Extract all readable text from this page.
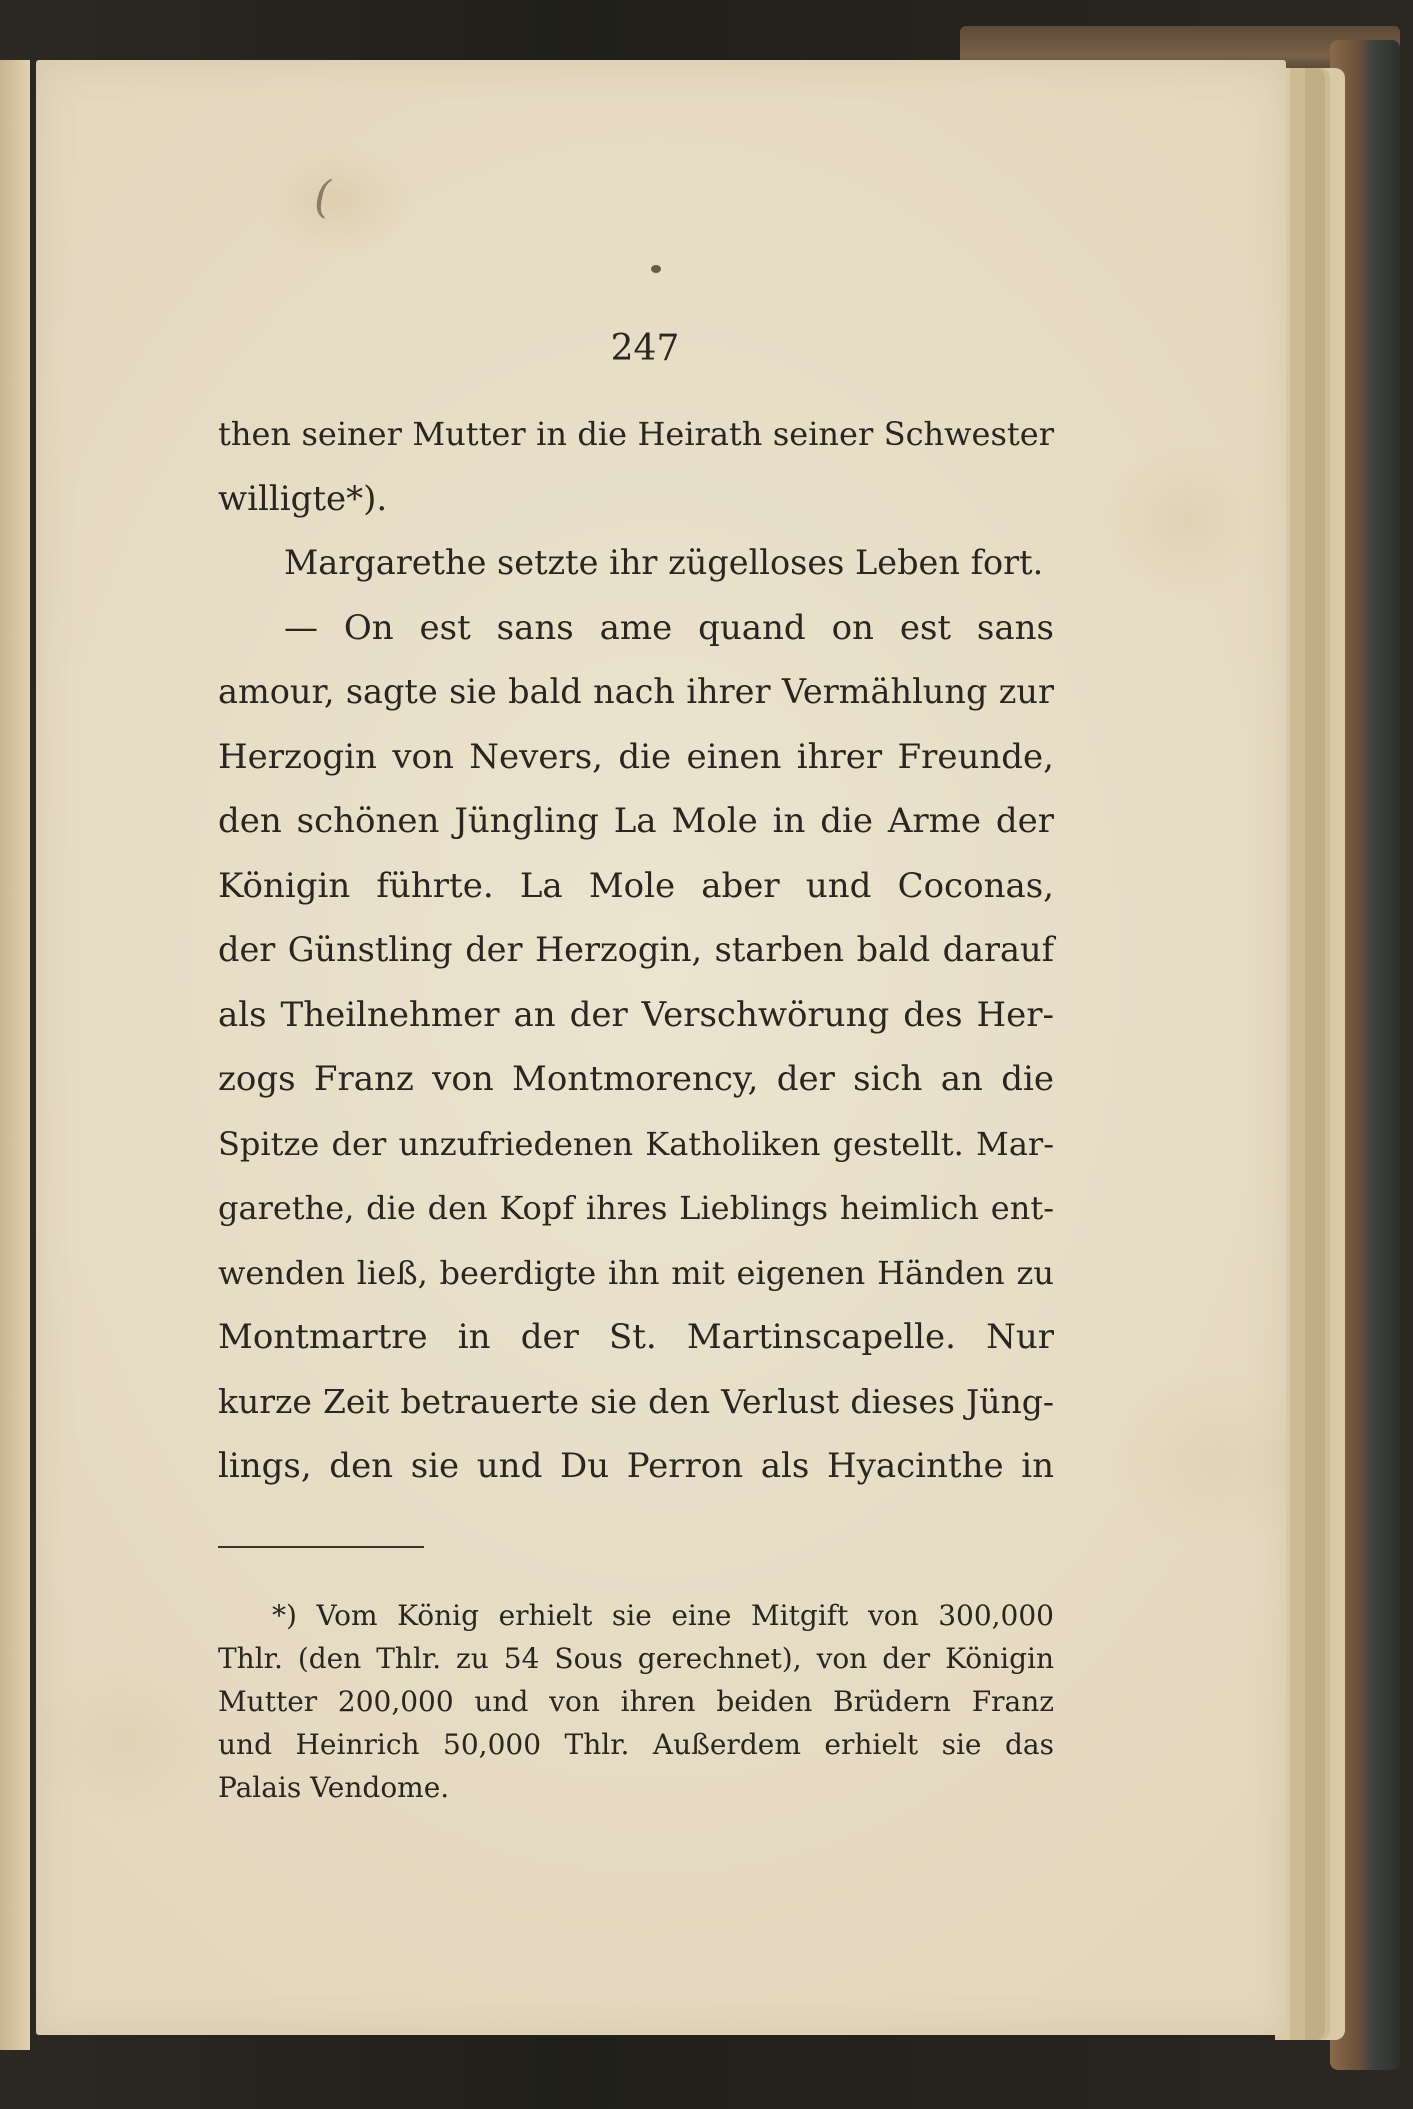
(
247
then seiner Mutter in die Heirath seiner Schwester
willigte*).
Margarethe setzte ihr zügelloses Leben fort.
— On est sans ame quand on est sans
amour, sagte sie bald nach ihrer Vermählung zur
Herzogin von Nevers, die einen ihrer Freunde,
den schönen Jüngling La Mole in die Arme der
Königin führte. La Mole aber und Coconas,
der Günstling der Herzogin, starben bald darauf
als Theilnehmer an der Verschwörung des Her-
zogs Franz von Montmorency, der sich an die
Spitze der unzufriedenen Katholiken gestellt. Mar-
garethe, die den Kopf ihres Lieblings heimlich ent-
wenden ließ, beerdigte ihn mit eigenen Händen zu
Montmartre in der St. Martinscapelle. Nur
kurze Zeit betrauerte sie den Verlust dieses Jüng-
lings, den sie und Du Perron als Hyacinthe in
*) Vom König erhielt sie eine Mitgift von 300,000
Thlr. (den Thlr. zu 54 Sous gerechnet), von der Königin
Mutter 200,000 und von ihren beiden Brüdern Franz
und Heinrich 50,000 Thlr. Außerdem erhielt sie das
Palais Vendome.
